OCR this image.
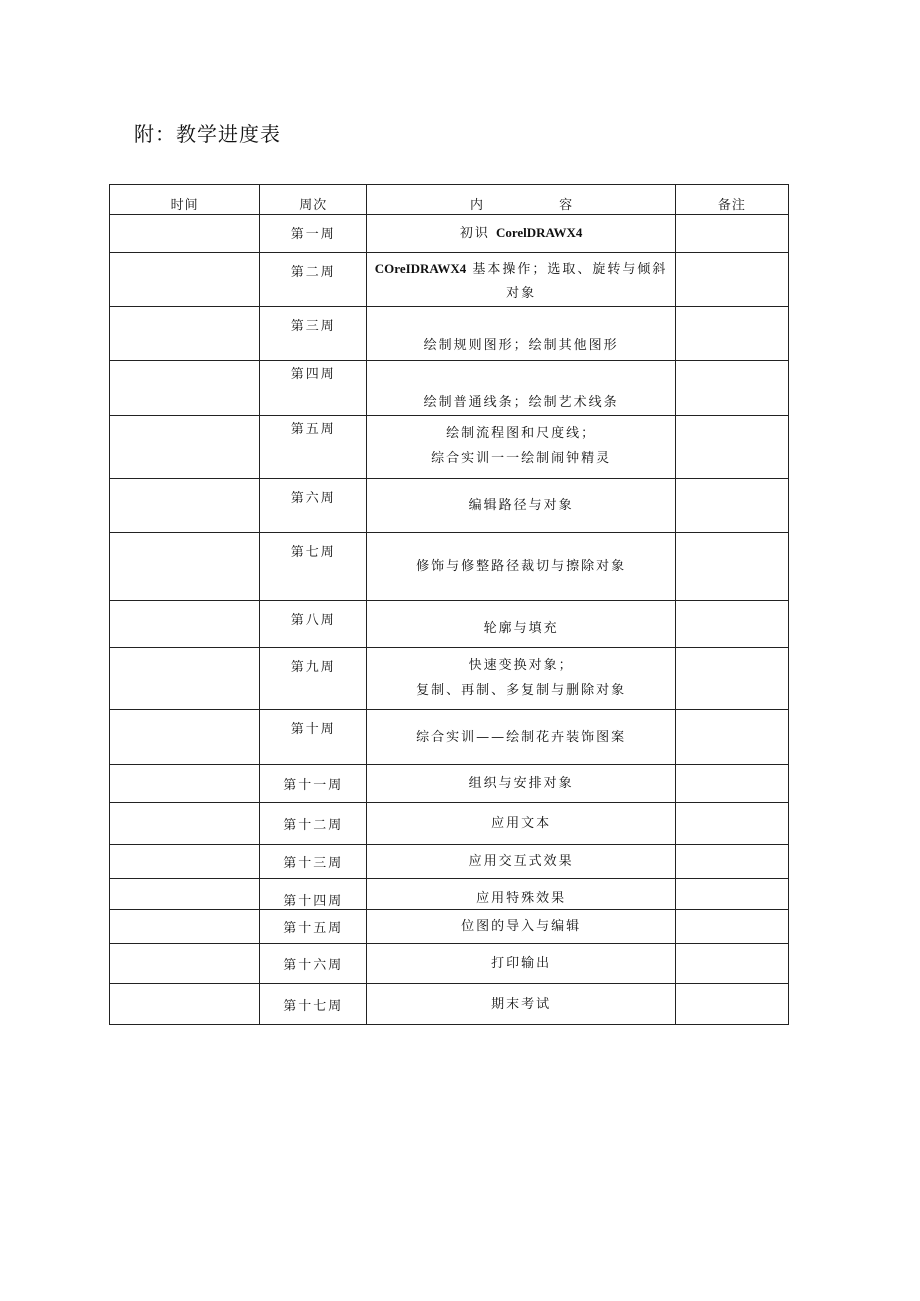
附：教学进度表
时间	周次	内 容	备注
	第一周	初识 CorelDRAWX4	
	第二周	COreIDRAWX4 基本操作；选取、旋转与倾斜对象	
	第三周	绘制规则图形；绘制其他图形	
	第四周	绘制普通线条；绘制艺术线条	
	第五周	绘制流程图和尺度线；
综合实训一一绘制闹钟精灵	

	第六周	编辑路径与对象	
	第七周	修饰与修整路径裁切与擦除对象	
	第八周	轮廓与填充	
	第九周	快速变换对象；
复制、再制、多复制与删除对象	

	第十周	综合实训——绘制花卉装饰图案	
	第十一周	组织与安排对象	
	第十二周	应用文本	
	第十三周	应用交互式效果	
	第十四周	应用特殊效果	
	第十五周	位图的导入与编辑	
	第十六周	打印输出	
	第十七周	期末考试	
